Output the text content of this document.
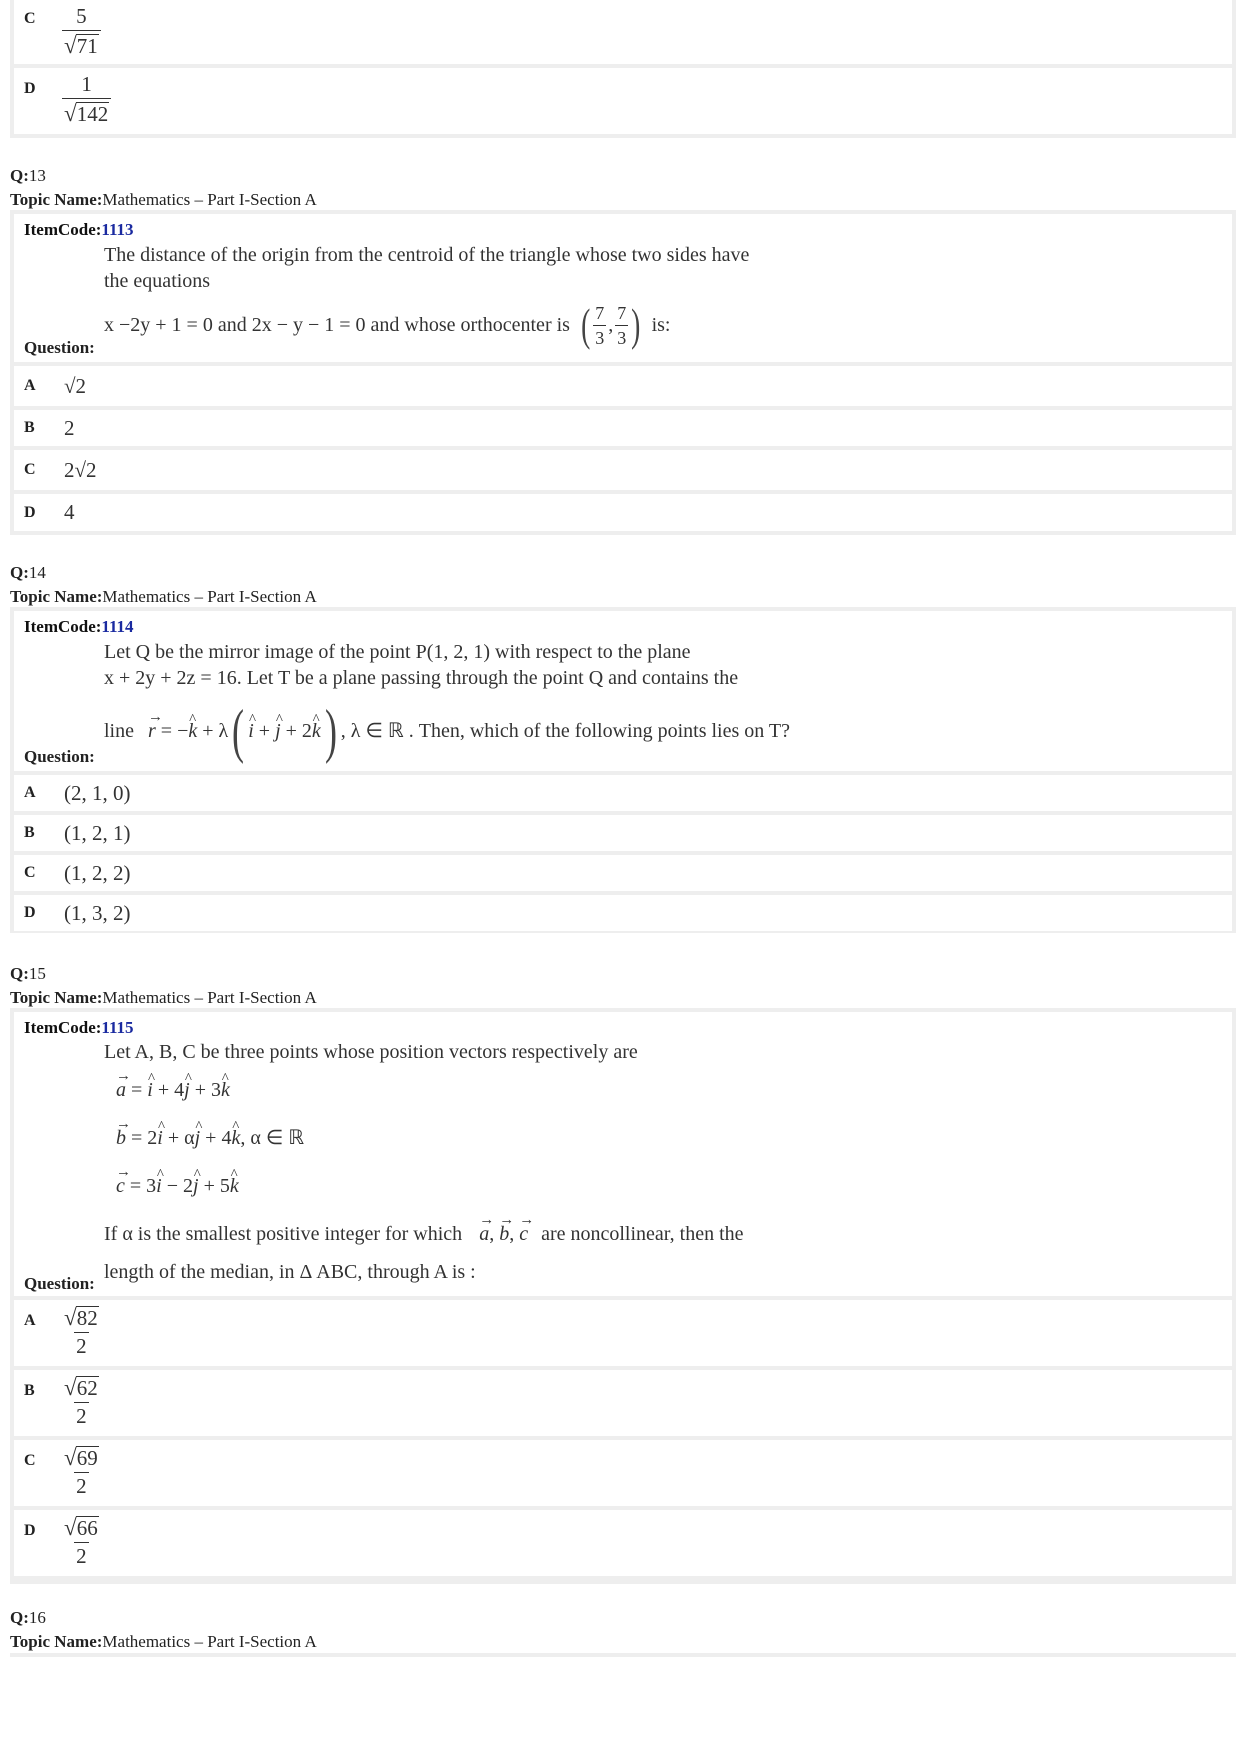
C	$\frac{5}{√ 71}$
D	$\frac{1}{√ 142}$
Q:13
Topic Name:Mathematics – Part I-Section A
ItemCode:1113
The distance of the origin from the centroid of the triangle whose two sides have
the equations
x −2y + 1 = 0 and 2x − y − 1 = 0 and whose orthocenter is ( $\frac{7}{3}$ , $\frac{7}{3}$ ) is:
Question:
A	√2
B	2
C	2√2
D	4
Q:14
Topic Name:Mathematics – Part I-Section A
ItemCode:1114
Let Q be the mirror image of the point P(1, 2, 1) with respect to the plane
x + 2y + 2z = 16. Let T be a plane passing through the point Q and contains the
line → r = −^ k + λ ( ^ i + ^ j + 2^ k ) , λ ∈ ℝ . Then, which of the following points lies on T?
Question:
A	(2, 1, 0)
B	(1, 2, 1)
C	(1, 2, 2)
D	(1, 3, 2)
Q:15
Topic Name:Mathematics – Part I-Section A
ItemCode:1115
Let A, B, C be three points whose position vectors respectively are
→ a = ^ i + 4^ j + 3^ k
→ b = 2^ i + α^ j + 4^ k, α ∈ ℝ
→ c = 3^ i − 2^ j + 5^ k
If α is the smallest positive integer for which → a, → b, → c are noncollinear, then the
length of the median, in Δ ABC, through A is :
Question:
A	$\frac{√ 82}{2}$
B	$\frac{√ 62}{2}$
C	$\frac{√ 69}{2}$
D	$\frac{√ 66}{2}$
Q:16
Topic Name:Mathematics – Part I-Section A
